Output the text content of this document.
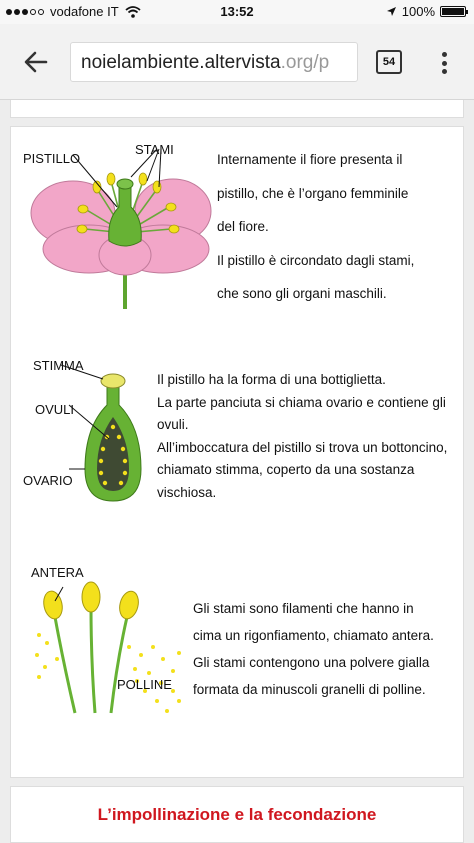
vodafone IT	13:52	100%
noielambiente.altervista.org/p	54
PISTILLO
STAMI

Internamente il fiore presenta il

pistillo, che è l’organo femminile

del fiore.

Il pistillo è circondato dagli stami,

che sono gli organi maschili.

STIMMA
OVULI
OVARIO

Il pistillo ha la forma di una bottiglietta.

La parte panciuta si chiama ovario e contiene gli

ovuli.

All’imboccatura del pistillo si trova un bottoncino,

chiamato stimma, coperto da una sostanza

vischiosa.

ANTERA
POLLINE

Gli stami sono filamenti che hanno in

cima un rigonfiamento, chiamato antera.

Gli stami contengono una polvere gialla

formata da minuscoli granelli di polline.

L’impollinazione e la fecondazione
